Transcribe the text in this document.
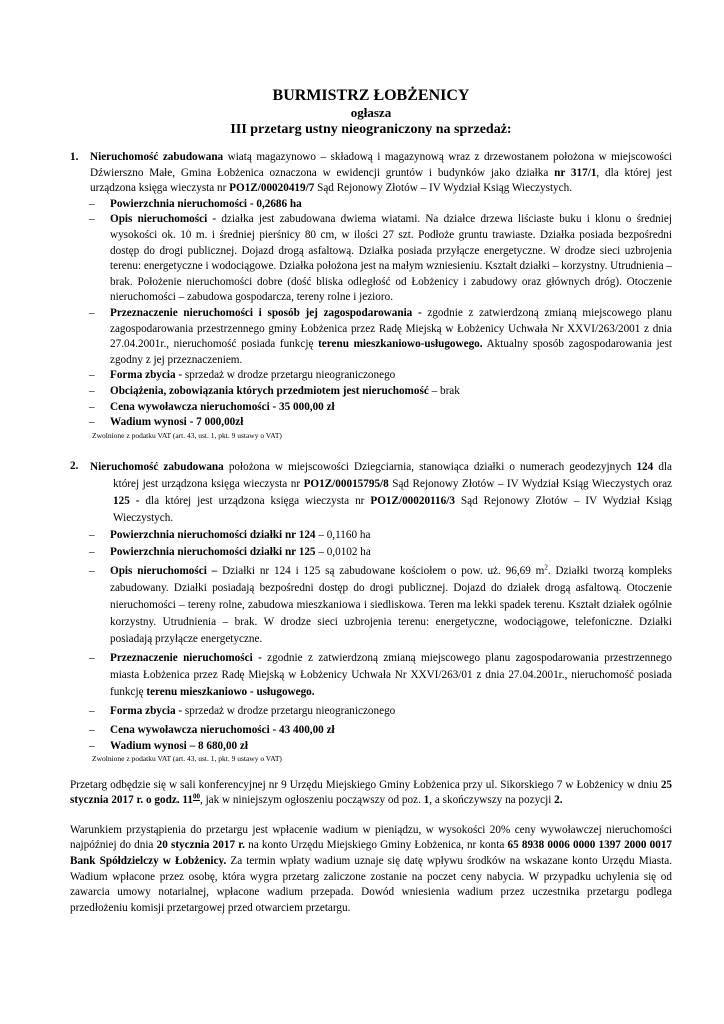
BURMISTRZ ŁOBŻENICY
ogłasza
III przetarg ustny nieograniczony na sprzedaż:
1.	Nieruchomość zabudowana wiatą magazynowo – składową i magazynową wraz z drzewostanem położona w miejscowości Dźwierszno Małe, Gmina Łobżenica oznaczona w ewidencji gruntów i budynków jako działka nr 317/1, dla której jest urządzona księga wieczysta nr PO1Z/00020419/7 Sąd Rejonowy Złotów – IV Wydział Ksiąg Wieczystych.
– Powierzchnia nieruchomości - 0,2686 ha
– Opis nieruchomości - działka jest zabudowana dwiema wiatami. Na działce drzewa liściaste buku i klonu o średniej wysokości ok. 10 m. i średniej pierśnicy 80 cm, w ilości 27 szt. Podłoże gruntu trawiaste. Działka posiada bezpośredni dostęp do drogi publicznej. Dojazd drogą asfaltową. Działka posiada przyłącze energetyczne. W drodze sieci uzbrojenia terenu: energetyczne i wodociągowe. Działka położona jest na małym wzniesieniu. Kształt działki – korzystny. Utrudnienia – brak. Położenie nieruchomości dobre (dość bliska odległość od Łobżenicy i zabudowy oraz głównych dróg). Otoczenie nieruchomości – zabudowa gospodarcza, tereny rolne i jezioro.
– Przeznaczenie nieruchomości i sposób jej zagospodarowania - zgodnie z zatwierdzoną zmianą miejscowego planu zagospodarowania przestrzennego gminy Łobżenica przez Radę Miejską w Łobżenicy Uchwała Nr XXVI/263/2001 z dnia 27.04.2001r., nieruchomość posiada funkcję terenu mieszkaniowo-usługowego. Aktualny sposób zagospodarowania jest zgodny z jej przeznaczeniem.
– Forma zbycia - sprzedaż w drodze przetargu nieograniczonego
– Obciążenia, zobowiązania których przedmiotem jest nieruchomość – brak
– Cena wywoławcza nieruchomości - 35 000,00 zł
– Wadium wynosi - 7 000,00zł
Zwolnione z podatku VAT (art. 43, ust. 1, pkt. 9 ustawy o VAT)
2.	Nieruchomość zabudowana położona w miejscowości Dziegciarnia, stanowiąca działki o numerach geodezyjnych 124 dla której jest urządzona księga wieczysta nr PO1Z/00015795/8 Sąd Rejonowy Złotów – IV Wydział Ksiąg Wieczystych oraz 125 - dla której jest urządzona księga wieczysta nr PO1Z/00020116/3 Sąd Rejonowy Złotów – IV Wydział Ksiąg Wieczystych.
– Powierzchnia nieruchomości działki nr 124 – 0,1160 ha
– Powierzchnia nieruchomości działki nr 125 – 0,0102 ha
– Opis nieruchomości – Działki nr 124 i 125 są zabudowane kościołem o pow. uż. 96,69 $m^2$. Działki tworzą kompleks zabudowany. Działki posiadają bezpośredni dostęp do drogi publicznej. Dojazd do działek drogą asfaltową. Otoczenie nieruchomości – tereny rolne, zabudowa mieszkaniowa i siedliskowa. Teren ma lekki spadek terenu. Kształt działek ogólnie korzystny. Utrudnienia – brak. W drodze sieci uzbrojenia terenu: energetyczne, wodociągowe, telefoniczne. Działki posiadają przyłącze energetyczne.
– Przeznaczenie nieruchomości - zgodnie z zatwierdzoną zmianą miejscowego planu zagospodarowania przestrzennego miasta Łobżenica przez Radę Miejską w Łobżenicy Uchwała Nr XXVI/263/01 z dnia 27.04.2001r., nieruchomość posiada funkcję terenu mieszkaniowo - usługowego.
– Forma zbycia - sprzedaż w drodze przetargu nieograniczonego
– Cena wywoławcza nieruchomości - 43 400,00 zł
– Wadium wynosi – 8 680,00 zł
Zwolnione z podatku VAT (art. 43, ust. 1, pkt. 9 ustawy o VAT)
Przetarg odbędzie się w sali konferencyjnej nr 9 Urzędu Miejskiego Gminy Łobżenica przy ul. Sikorskiego 7 w Łobżenicy w dniu 25 stycznia 2017 r. o godz. $11^{00}$, jak w niniejszym ogłoszeniu począwszy od poz. 1, a skończywszy na pozycji 2.
Warunkiem przystąpienia do przetargu jest wpłacenie wadium w pieniądzu, w wysokości 20% ceny wywoławczej nieruchomości najpóźniej do dnia 20 stycznia 2017 r. na konto Urzędu Miejskiego Gminy Łobżenica, nr konta 65 8938 0006 0000 1397 2000 0017 Bank Spółdzielczy w Łobżenicy. Za termin wpłaty wadium uznaje się datę wpływu środków na wskazane konto Urzędu Miasta. Wadium wpłacone przez osobę, która wygra przetarg zaliczone zostanie na poczet ceny nabycia. W przypadku uchylenia się od zawarcia umowy notarialnej, wpłacone wadium przepada. Dowód wniesienia wadium przez uczestnika przetargu podlega przedłożeniu komisji przetargowej przed otwarciem przetargu.
